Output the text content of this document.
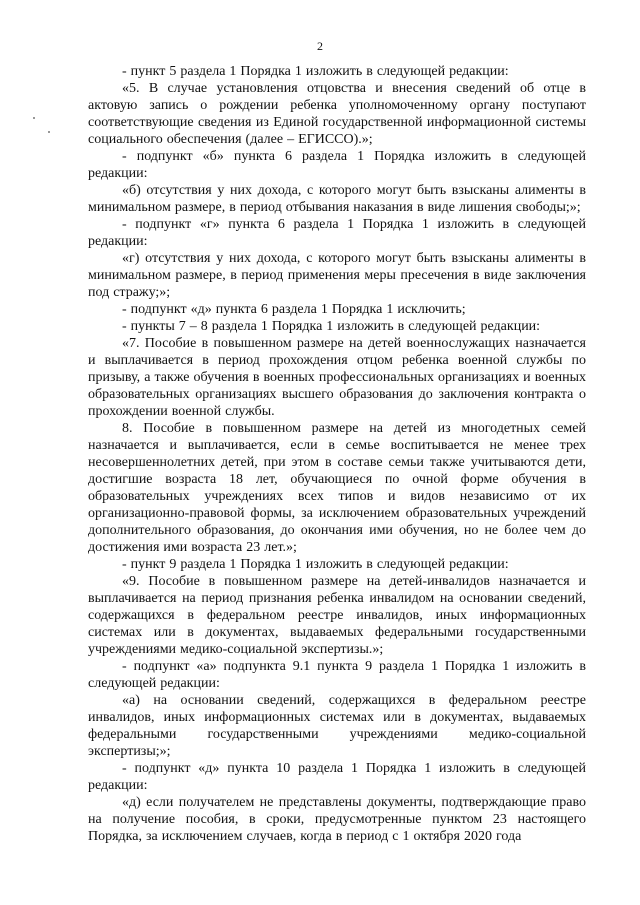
2

- пункт 5 раздела 1 Порядка 1 изложить в следующей редакции:

«5. В случае установления отцовства и внесения сведений об отце в актовую запись о рождении ребенка уполномоченному органу поступают соответствующие сведения из Единой государственной информационной системы социального обеспечения (далее – ЕГИССО).»;

- подпункт «б» пункта 6 раздела 1 Порядка изложить в следующей редакции:

«б) отсутствия у них дохода, с которого могут быть взысканы алименты в минимальном размере, в период отбывания наказания в виде лишения свободы;»;

- подпункт «г» пункта 6 раздела 1 Порядка 1 изложить в следующей редакции:

«г) отсутствия у них дохода, с которого могут быть взысканы алименты в минимальном размере, в период применения меры пресечения в виде заключения под стражу;»;

- подпункт «д» пункта 6 раздела 1 Порядка 1 исключить;

- пункты 7 – 8 раздела 1 Порядка 1 изложить в следующей редакции:

«7. Пособие в повышенном размере на детей военнослужащих назначается и выплачивается в период прохождения отцом ребенка военной службы по призыву, а также обучения в военных профессиональных организациях и военных образовательных организациях высшего образования до заключения контракта о прохождении военной службы.

8. Пособие в повышенном размере на детей из многодетных семей назначается и выплачивается, если в семье воспитывается не менее трех несовершеннолетних детей, при этом в составе семьи также учитываются дети, достигшие возраста 18 лет, обучающиеся по очной форме обучения в образовательных учреждениях всех типов и видов независимо от их организационно-правовой формы, за исключением образовательных учреждений дополнительного образования, до окончания ими обучения, но не более чем до достижения ими возраста 23 лет.»;

- пункт 9 раздела 1 Порядка 1 изложить в следующей редакции:

«9. Пособие в повышенном размере на детей-инвалидов назначается и выплачивается на период признания ребенка инвалидом на основании сведений, содержащихся в федеральном реестре инвалидов, иных информационных системах или в документах, выдаваемых федеральными государственными учреждениями медико-социальной экспертизы.»;

- подпункт «а» подпункта 9.1 пункта 9 раздела 1 Порядка 1 изложить в следующей редакции:

«а) на основании сведений, содержащихся в федеральном реестре инвалидов, иных информационных системах или в документах, выдаваемых федеральными государственными учреждениями медико-социальной экспертизы;»;

- подпункт «д» пункта 10 раздела 1 Порядка 1 изложить в следующей редакции:

«д) если получателем не представлены документы, подтверждающие право на получение пособия, в сроки, предусмотренные пунктом 23 настоящего Порядка, за исключением случаев, когда в период с 1 октября 2020 года
